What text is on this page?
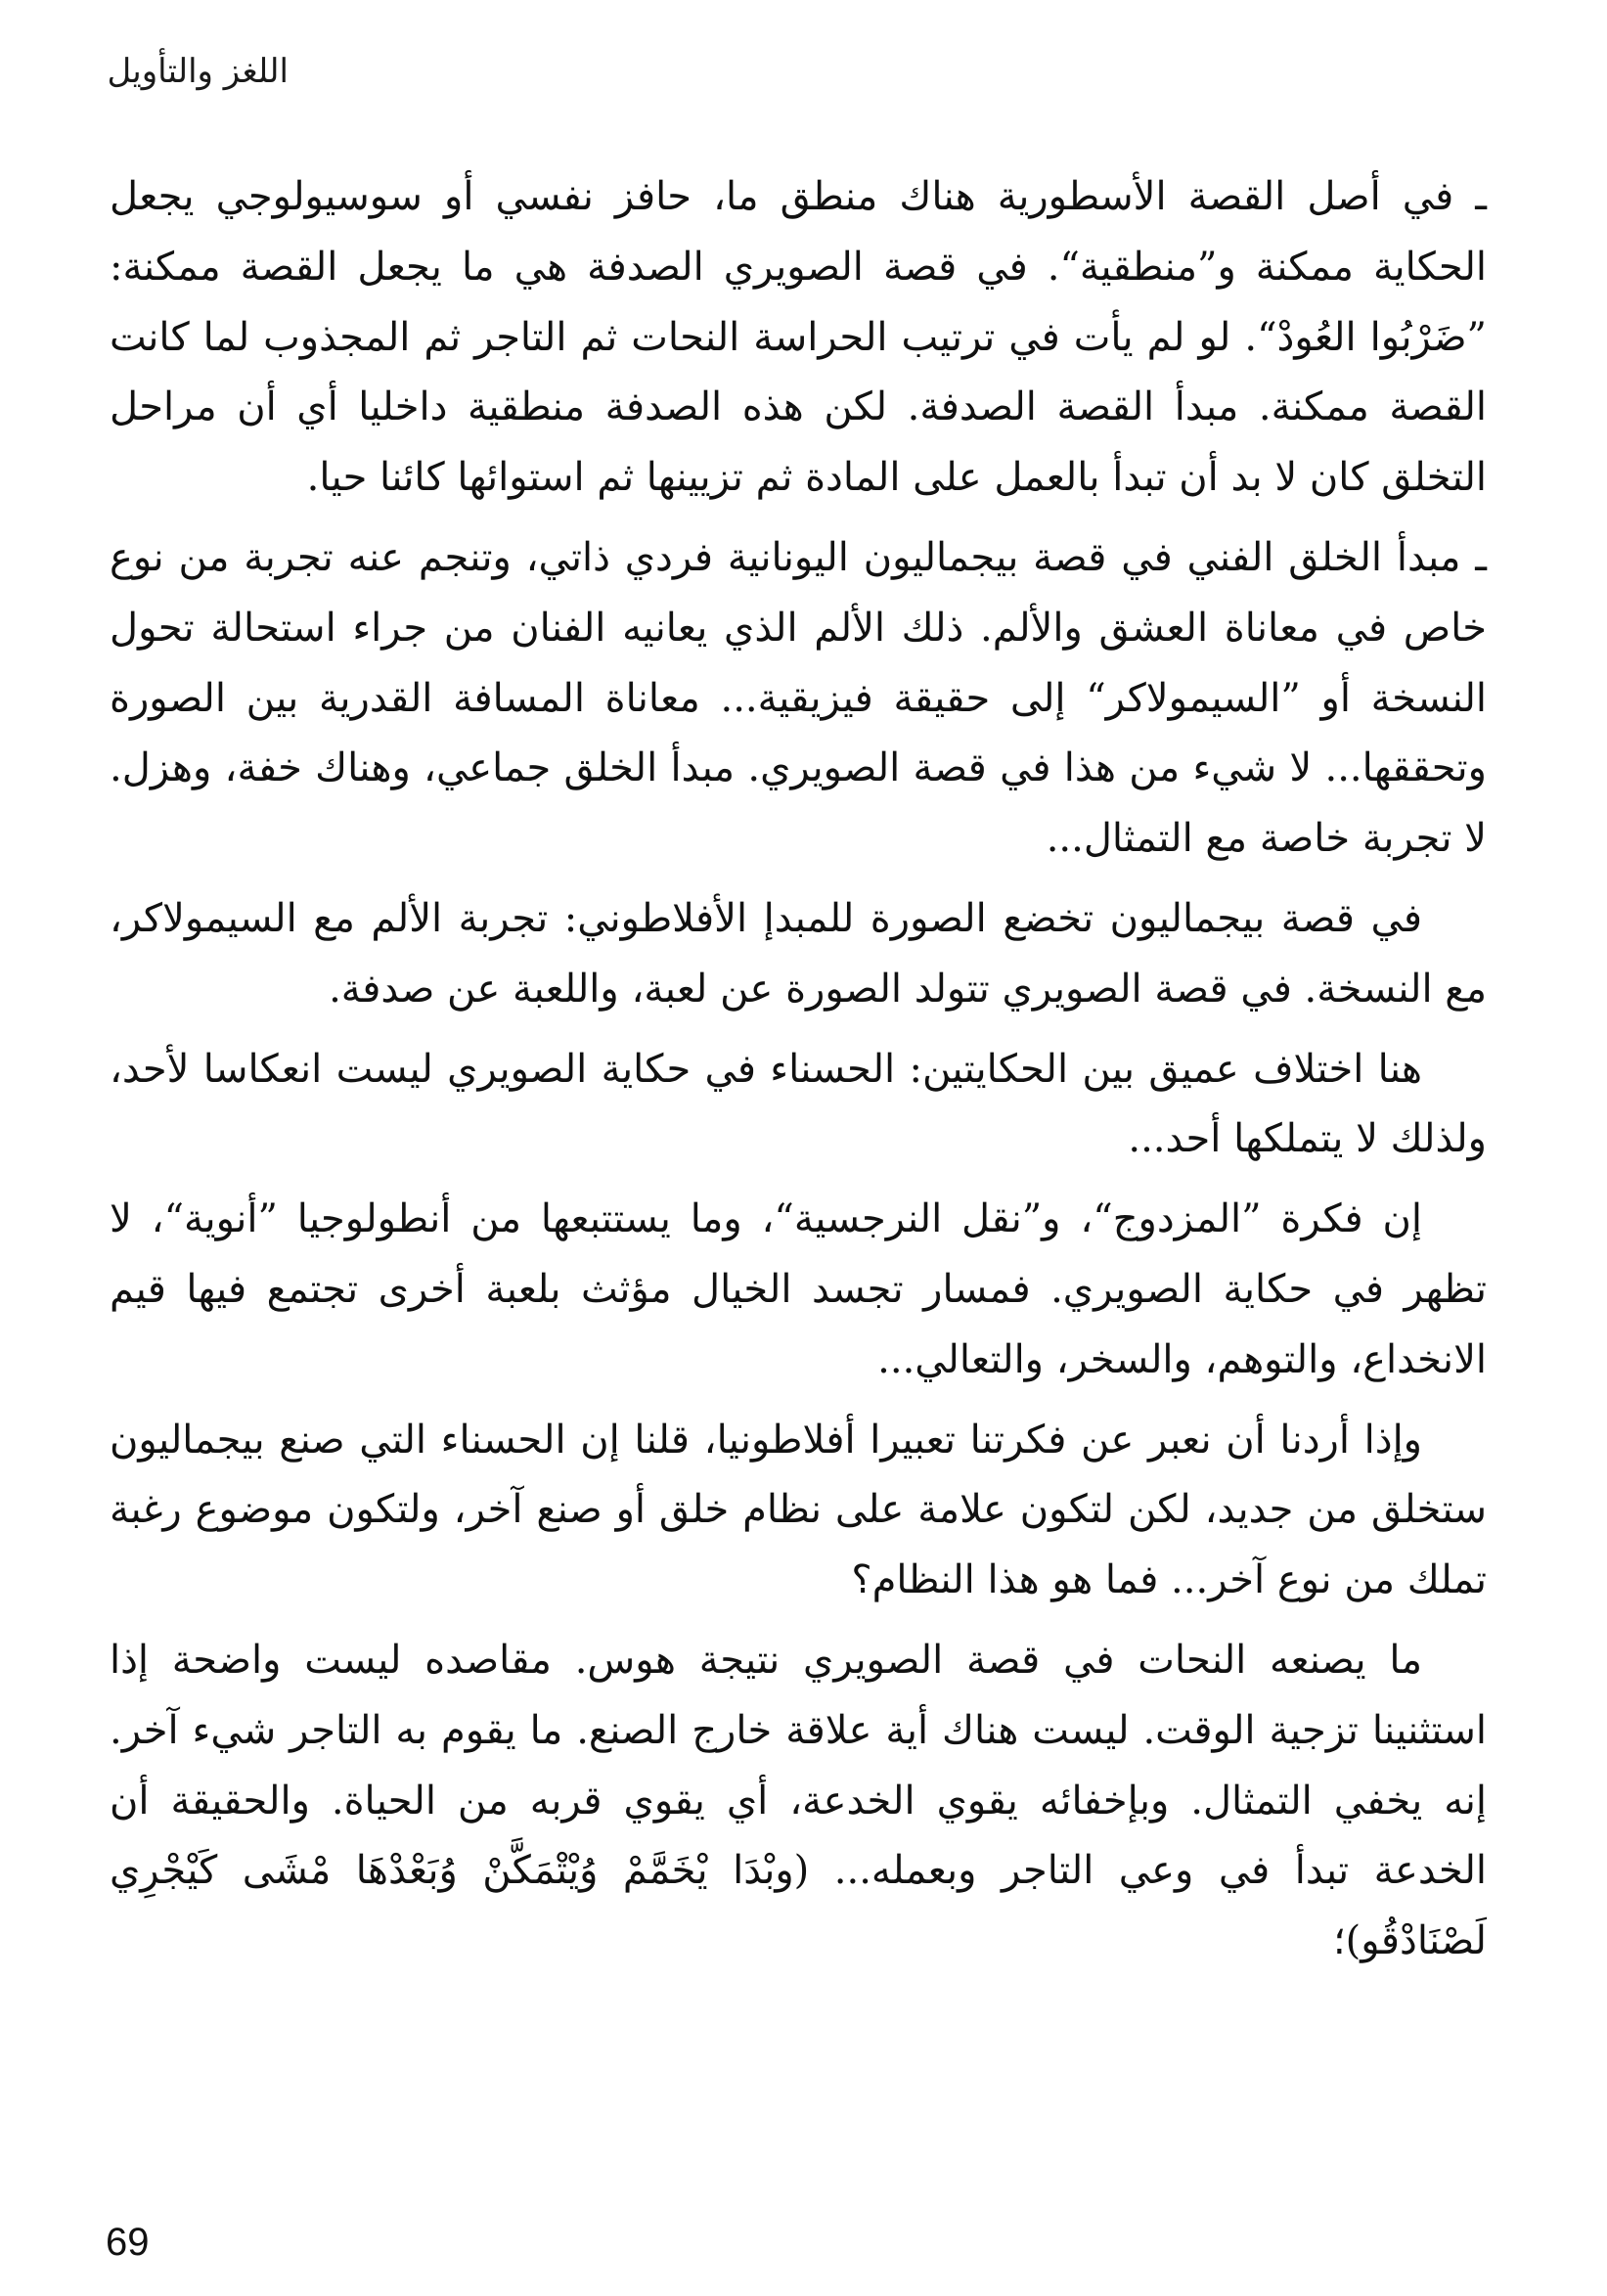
اللغز والتأويل

ـ في أصل القصة الأسطورية هناك منطق ما، حافز نفسي أو سوسيولوجي يجعل الحكاية ممكنة و”منطقية“. في قصة الصويري الصدفة هي ما يجعل القصة ممكنة: ”ضَرْبُوا العُودْ“. لو لم يأت في ترتيب الحراسة النحات ثم التاجر ثم المجذوب لما كانت القصة ممكنة. مبدأ القصة الصدفة. لكن هذه الصدفة منطقية داخليا أي أن مراحل التخلق كان لا بد أن تبدأ بالعمل على المادة ثم تزيينها ثم استوائها كائنا حيا.

ـ مبدأ الخلق الفني في قصة بيجماليون اليونانية فردي ذاتي، وتنجم عنه تجربة من نوع خاص في معاناة العشق والألم. ذلك الألم الذي يعانيه الفنان من جراء استحالة تحول النسخة أو ”السيمولاكر“ إلى حقيقة فيزيقية... معاناة المسافة القدرية بين الصورة وتحققها... لا شيء من هذا في قصة الصويري. مبدأ الخلق جماعي، وهناك خفة، وهزل. لا تجربة خاصة مع التمثال...

في قصة بيجماليون تخضع الصورة للمبدإ الأفلاطوني: تجربة الألم مع السيمولاكر، مع النسخة. في قصة الصويري تتولد الصورة عن لعبة، واللعبة عن صدفة.

هنا اختلاف عميق بين الحكايتين: الحسناء في حكاية الصويري ليست انعكاسا لأحد، ولذلك لا يتملكها أحد...

إن فكرة ”المزدوج“، و”نقل النرجسية“، وما يستتبعها من أنطولوجيا ”أنوية“، لا تظهر في حكاية الصويري. فمسار تجسد الخيال مؤثث بلعبة أخرى تجتمع فيها قيم الانخداع، والتوهم، والسخر، والتعالي...

وإذا أردنا أن نعبر عن فكرتنا تعبيرا أفلاطونيا، قلنا إن الحسناء التي صنع بيجماليون ستخلق من جديد، لكن لتكون علامة على نظام خلق أو صنع آخر، ولتكون موضوع رغبة تملك من نوع آخر... فما هو هذا النظام؟

ما يصنعه النحات في قصة الصويري نتيجة هوس. مقاصده ليست واضحة إذا استثنينا تزجية الوقت. ليست هناك أية علاقة خارج الصنع. ما يقوم به التاجر شيء آخر. إنه يخفي التمثال. وبإخفائه يقوي الخدعة، أي يقوي قربه من الحياة. والحقيقة أن الخدعة تبدأ في وعي التاجر وبعمله... (وبْدَا يْخَمَّمْ وُيْتْمَكَّنْ وُبَعْدْهَا مْشَى كَيْجْرِي لَصْنَادْقُو)؛

69
